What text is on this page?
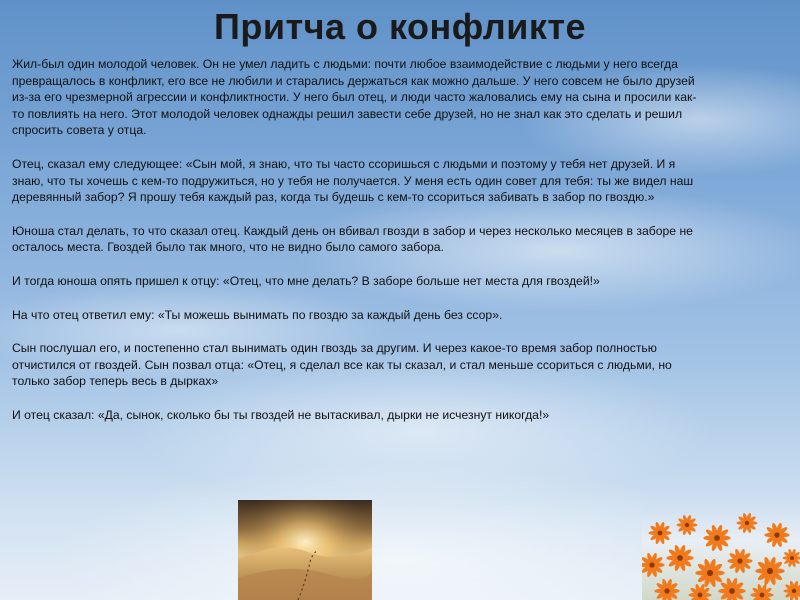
Притча о конфликте

Жил-был один молодой человек. Он не умел ладить с людьми: почти любое взаимодействие с людьми у него всегда

превращалось в конфликт, его все не любили и старались держаться как можно дальше. У него совсем не было друзей

из-за его чрезмерной агрессии и конфликтности. У него был отец, и люди часто жаловались ему на сына и просили как-

то повлиять на него. Этот молодой человек однажды решил завести себе друзей, но не знал как это сделать и решил

спросить совета у отца.

Отец, сказал ему следующее: «Сын мой, я знаю, что ты часто ссоришься с людьми и поэтому у тебя нет друзей. И я

знаю, что ты хочешь с кем-то подружиться, но у тебя не получается. У меня есть один совет для тебя: ты же видел наш

деревянный забор? Я прошу тебя каждый раз, когда ты будешь с кем-то ссориться забивать в забор по гвоздю.»

Юноша стал делать, то что сказал отец. Каждый день он вбивал гвозди в забор и через несколько месяцев в заборе не

осталось места. Гвоздей было так много, что не видно было самого забора.

И тогда юноша опять пришел к отцу: «Отец, что мне делать? В заборе больше нет места для гвоздей!»

На что отец ответил ему: «Ты можешь вынимать по гвоздю за каждый день без ссор».

Сын послушал его, и постепенно стал вынимать один гвоздь за другим. И через какое-то время забор полностью

отчистился от гвоздей. Сын позвал отца: «Отец, я сделал все как ты сказал, и стал меньше ссориться с людьми, но

только забор теперь весь в дырках»

И отец сказал: «Да, сынок, сколько бы ты гвоздей не вытаскивал, дырки не исчезнут никогда!»
